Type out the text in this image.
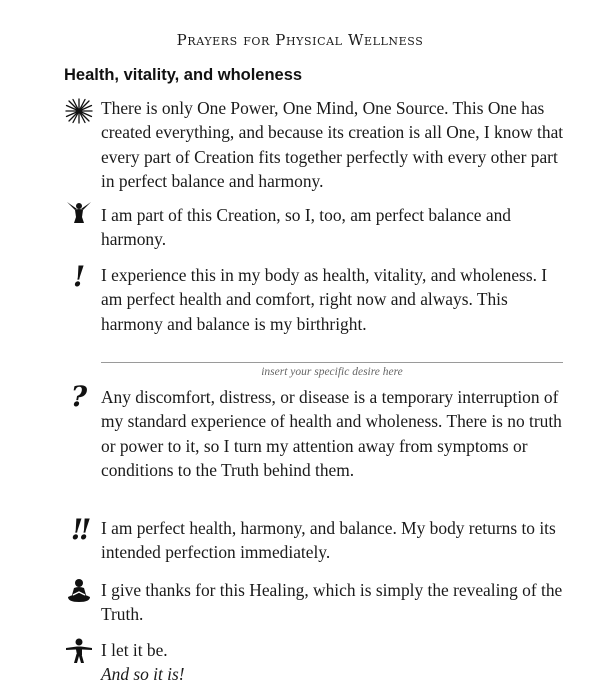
Prayers for Physical Wellness
Health, vitality, and wholeness
There is only One Power, One Mind, One Source. This One has created everything, and because its creation is all One, I know that every part of Creation fits together perfectly with every other part in perfect balance and harmony.
I am part of this Creation, so I, too, am perfect balance and harmony.
! I experience this in my body as health, vitality, and wholeness. I am perfect health and comfort, right now and always. This harmony and balance is my birthright.
insert your specific desire here
? Any discomfort, distress, or disease is a temporary interruption of my standard experience of health and wholeness. There is no truth or power to it, so I turn my attention away from symptoms or conditions to the Truth behind them.
!! I am perfect health, harmony, and balance. My body returns to its intended perfection immediately.
I give thanks for this Healing, which is simply the revealing of the Truth.
I let it be.
And so it is!
